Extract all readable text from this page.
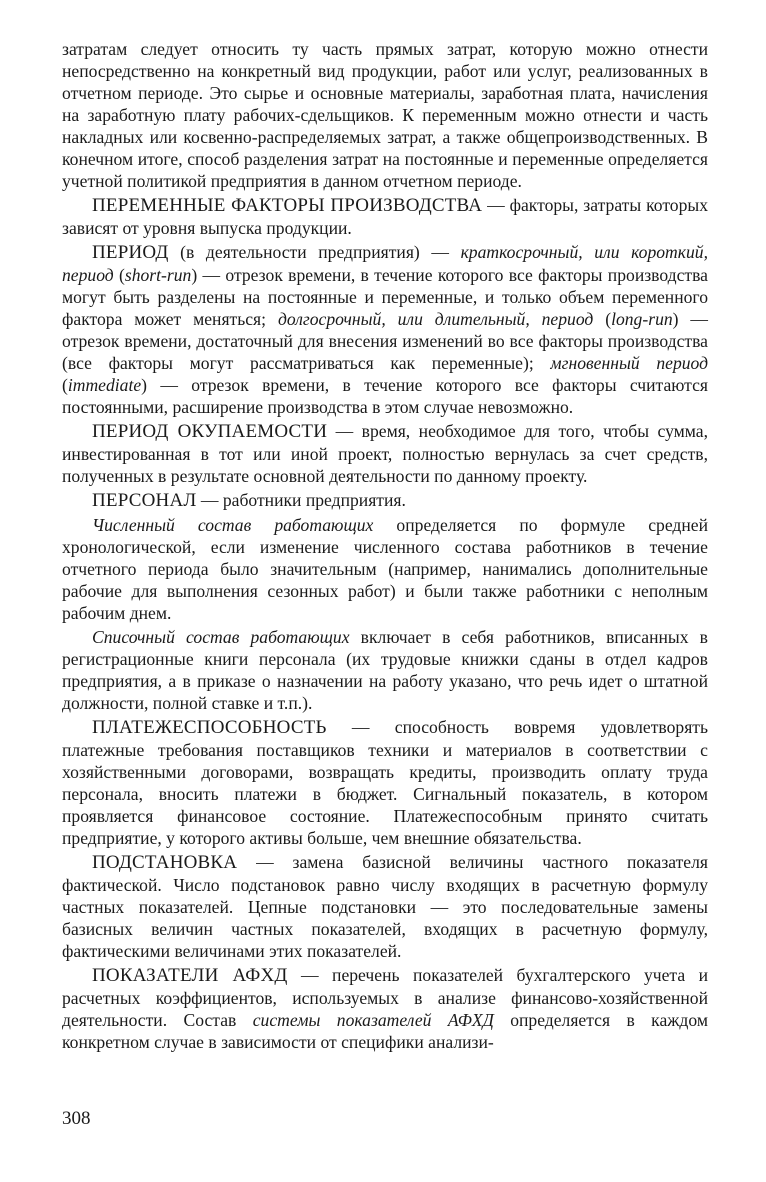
затратам следует относить ту часть прямых затрат, которую можно отнести непосредственно на конкретный вид продукции, работ или услуг, реализованных в отчетном периоде. Это сырье и основные материалы, заработная плата, начисления на заработную плату рабочих-сдельщиков. К переменным можно отнести и часть накладных или косвенно-распределяемых затрат, а также общепроизводственных. В конечном итоге, способ разделения затрат на постоянные и переменные определяется учетной политикой предприятия в данном отчетном периоде.

ПЕРЕМЕННЫЕ ФАКТОРЫ ПРОИЗВОДСТВА — факторы, затраты которых зависят от уровня выпуска продукции.

ПЕРИОД (в деятельности предприятия) — краткосрочный, или короткий, период (short-run) — отрезок времени, в течение которого все факторы производства могут быть разделены на постоянные и переменные, и только объем переменного фактора может меняться; долгосрочный, или длительный, период (long-run) — отрезок времени, достаточный для внесения изменений во все факторы производства (все факторы могут рассматриваться как переменные); мгновенный период (immediate) — отрезок времени, в течение которого все факторы считаются постоянными, расширение производства в этом случае невозможно.

ПЕРИОД ОКУПАЕМОСТИ — время, необходимое для того, чтобы сумма, инвестированная в тот или иной проект, полностью вернулась за счет средств, полученных в результате основной деятельности по данному проекту.

ПЕРСОНАЛ — работники предприятия.

Численный состав работающих определяется по формуле средней хронологической, если изменение численного состава работников в течение отчетного периода было значительным (например, нанимались дополнительные рабочие для выполнения сезонных работ) и были также работники с неполным рабочим днем.

Списочный состав работающих включает в себя работников, вписанных в регистрационные книги персонала (их трудовые книжки сданы в отдел кадров предприятия, а в приказе о назначении на работу указано, что речь идет о штатной должности, полной ставке и т.п.).

ПЛАТЕЖЕСПОСОБНОСТЬ — способность вовремя удовлетворять платежные требования поставщиков техники и материалов в соответствии с хозяйственными договорами, возвращать кредиты, производить оплату труда персонала, вносить платежи в бюджет. Сигнальный показатель, в котором проявляется финансовое состояние. Платежеспособным принято считать предприятие, у которого активы больше, чем внешние обязательства.

ПОДСТАНОВКА — замена базисной величины частного показателя фактической. Число подстановок равно числу входящих в расчетную формулу частных показателей. Цепные подстановки — это последовательные замены базисных величин частных показателей, входящих в расчетную формулу, фактическими величинами этих показателей.

ПОКАЗАТЕЛИ АФХД — перечень показателей бухгалтерского учета и расчетных коэффициентов, используемых в анализе финансово-хозяйственной деятельности. Состав системы показателей АФХД определяется в каждом конкретном случае в зависимости от специфики анализи-

308
